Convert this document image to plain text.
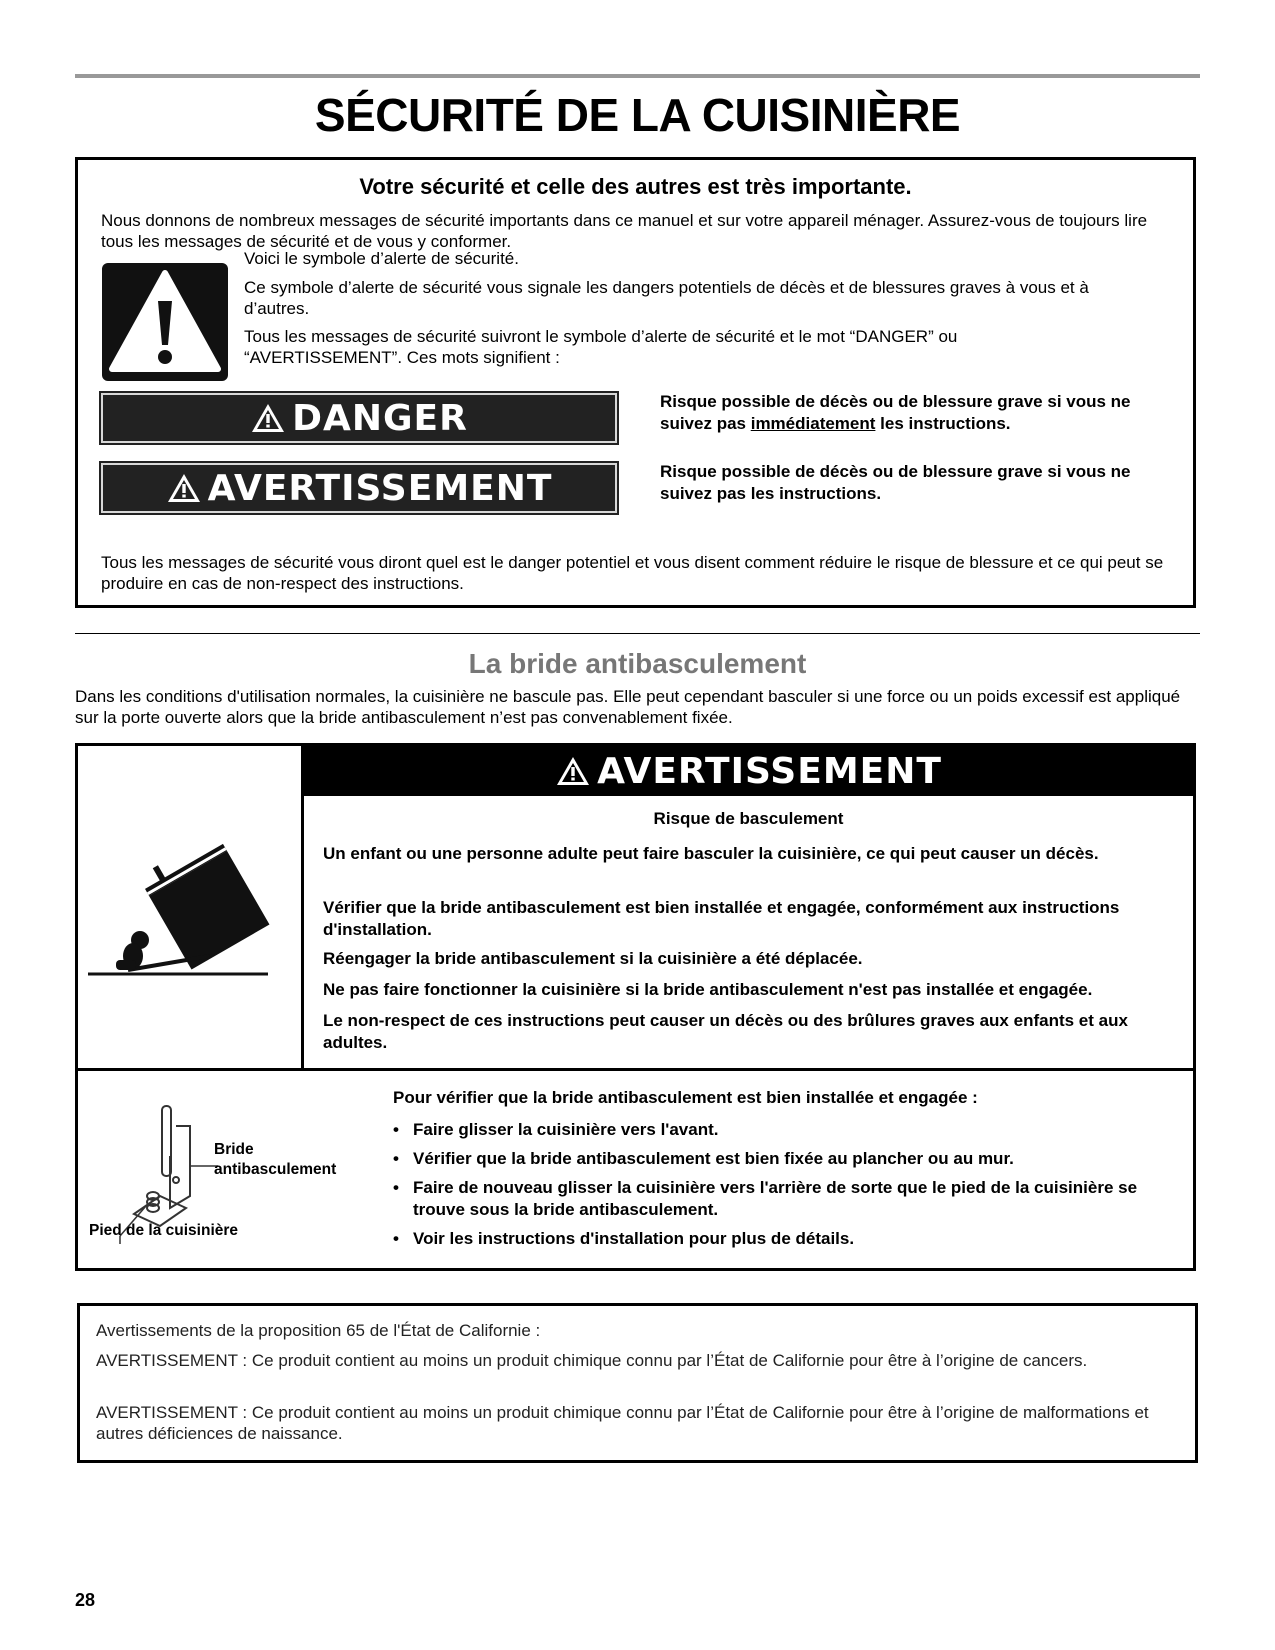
SÉCURITÉ DE LA CUISINIÈRE
Votre sécurité et celle des autres est très importante.
Nous donnons de nombreux messages de sécurité importants dans ce manuel et sur votre appareil ménager. Assurez-vous de toujours lire tous les messages de sécurité et de vous y conformer.
Voici le symbole d’alerte de sécurité.
Ce symbole d’alerte de sécurité vous signale les dangers potentiels de décès et de blessures graves à vous et à d’autres.
Tous les messages de sécurité suivront le symbole d’alerte de sécurité et le mot “DANGER” ou “AVERTISSEMENT”. Ces mots signifient :
DANGER	Risque possible de décès ou de blessure grave si vous ne suivez pas immédiatement les instructions.
AVERTISSEMENT	Risque possible de décès ou de blessure grave si vous ne suivez pas les instructions.
Tous les messages de sécurité vous diront quel est le danger potentiel et vous disent comment réduire le risque de blessure et ce qui peut se produire en cas de non-respect des instructions.
La bride antibasculement
Dans les conditions d'utilisation normales, la cuisinière ne bascule pas. Elle peut cependant basculer si une force ou un poids excessif est appliqué sur la porte ouverte alors que la bride antibasculement n’est pas convenablement fixée.
AVERTISSEMENT
Risque de basculement
Un enfant ou une personne adulte peut faire basculer la cuisinière, ce qui peut causer un décès.
Vérifier que la bride antibasculement est bien installée et engagée, conformément aux instructions d'installation.
Réengager la bride antibasculement si la cuisinière a été déplacée.
Ne pas faire fonctionner la cuisinière si la bride antibasculement n'est pas installée et engagée.
Le non-respect de ces instructions peut causer un décès ou des brûlures graves aux enfants et aux adultes.
Bride antibasculement
Pied de la cuisinière
Pour vérifier que la bride antibasculement est bien installée et engagée :
• Faire glisser la cuisinière vers l'avant.
• Vérifier que la bride antibasculement est bien fixée au plancher ou au mur.
• Faire de nouveau glisser la cuisinière vers l'arrière de sorte que le pied de la cuisinière se trouve sous la bride antibasculement.
• Voir les instructions d'installation pour plus de détails.
Avertissements de la proposition 65 de l'État de Californie :
AVERTISSEMENT : Ce produit contient au moins un produit chimique connu par l’État de Californie pour être à l’origine de cancers.
AVERTISSEMENT : Ce produit contient au moins un produit chimique connu par l’État de Californie pour être à l’origine de malformations et autres déficiences de naissance.
28
